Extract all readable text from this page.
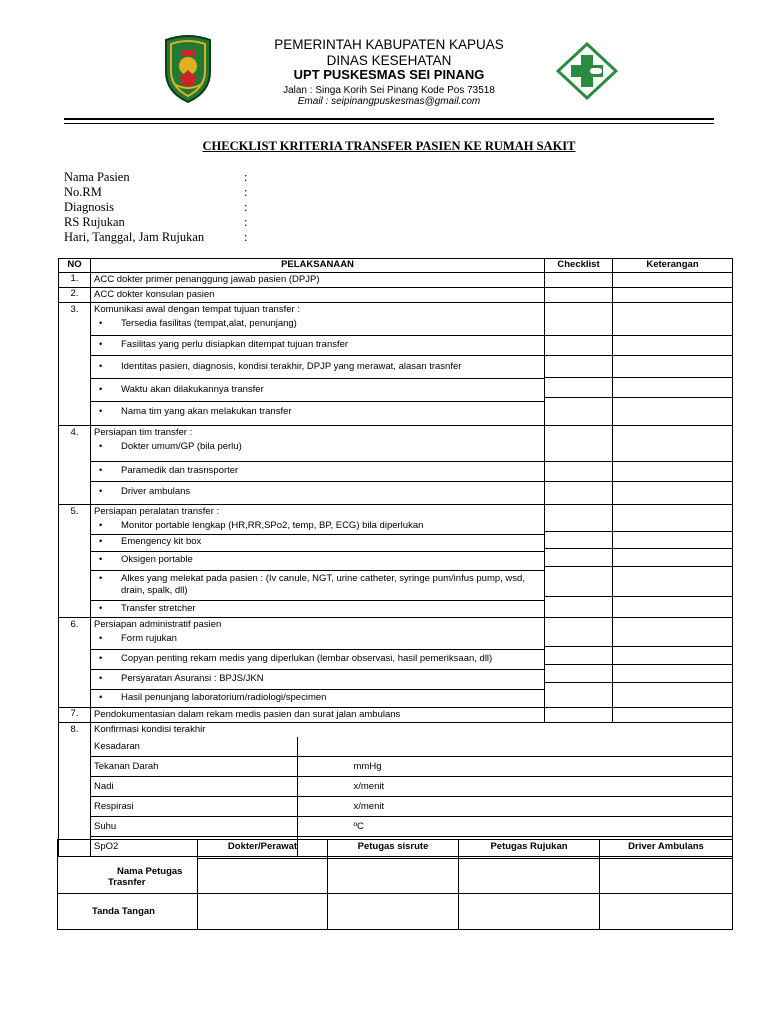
PEMERINTAH KABUPATEN KAPUAS
DINAS KESEHATAN
UPT PUSKESMAS SEI PINANG
Jalan : Singa Korih Sei Pinang Kode Pos 73518
Email : seipinangpuskesmas@gmail.com
CHECKLIST KRITERIA TRANSFER PASIEN KE RUMAH SAKIT
Nama Pasien	:
No.RM	:
Diagnosis	:
RS Rujukan	:
Hari, Tanggal, Jam Rujukan	:
NO	PELAKSANAAN	Checklist	Keterangan
1.	ACC dokter primer penanggung jawab pasien (DPJP)		
2.	ACC dokter konsulan pasien		
3.	Komunikasi awal dengan tempat tujuan transfer :
• Tersedia fasilitas (tempat,alat, penunjang)
• Fasilitas yang perlu disiapkan ditempat tujuan transfer
• Identitas pasien, diagnosis, kondisi terakhir, DPJP yang merawat, alasan trasnfer
• Waktu akan dilakukannya transfer
• Nama tim yang akan melakukan transfer

4.	Persiapan tim transfer :
• Dokter umum/GP (bila perlu)
• Paramedik dan trasnsporter
• Driver ambulans

5.	Persiapan peralatan transfer :
• Monitor portable lengkap (HR,RR,SPo2, temp, BP, ECG) bila diperlukan
• Emengency kit box
• Oksigen portable
• Alkes yang melekat pada pasien : (Iv canule, NGT, urine catheter, syringe pum/infus pump, wsd, drain, spalk, dll)
• Transfer stretcher

6.	Persiapan administratif pasien
• Form rujukan
• Copyan penting rekam medis yang diperlukan (lembar observasi, hasil pemeriksaan, dll)
• Persyaratan Asuransi : BPJS/JKN
• Hasil penunjang laboratorium/radiologi/specimen

7.	Pendokumentasian dalam rekam medis pasien dan surat jalan ambulans		
8.	Konfirmasi kondisi terakhir
Kesadaran	
Tekanan Darah	mmHg
Nadi	x/menit
Respirasi	x/menit
Suhu	ºC
SpO2	
		Dokter/Perawat	Petugas sisrute	Petugas Rujukan	Driver Ambulans

Nama Petugas
Trasnfer				

Tanda Tangan				
